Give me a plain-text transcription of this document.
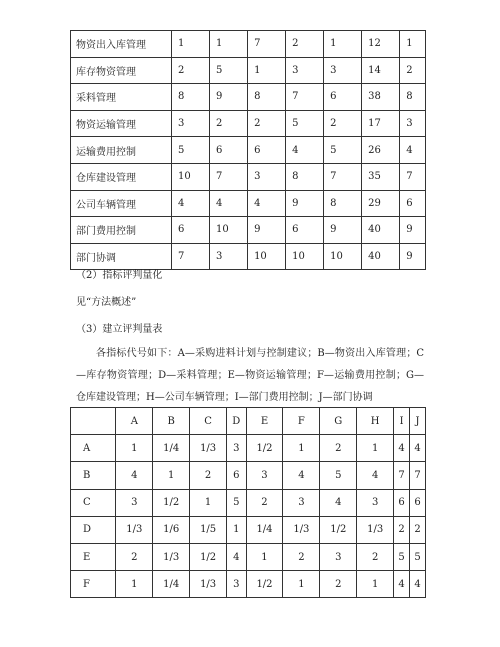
物资出入库管理	1	1	7	2	1	12	1
库存物资管理	2	5	1	3	3	14	2
采料管理	8	9	8	7	6	38	8
物资运输管理	3	2	2	5	2	17	3
运输费用控制	5	6	6	4	5	26	4
仓库建设管理	10	7	3	8	7	35	7
公司车辆管理	4	4	4	9	8	29	6
部门费用控制	6	10	9	6	9	40	9
部门协调	7	3	10	10	10	40	9

（2）指标评判量化

见“方法概述”

（3）建立评判量表

各指标代号如下：A—采购进料计划与控制建议；B—物资出入库管理；C—库存物资管理；D—采料管理；E—物资运输管理；F—运输费用控制；G—仓库建设管理；H—公司车辆管理；I—部门费用控制；J—部门协调

	A	B	C	D	E	F	G	H	I	J
A	1	1/4	1/3	3	1/2	1	2	1	4	4
B	4	1	2	6	3	4	5	4	7	7
C	3	1/2	1	5	2	3	4	3	6	6
D	1/3	1/6	1/5	1	1/4	1/3	1/2	1/3	2	2
E	2	1/3	1/2	4	1	2	3	2	5	5
F	1	1/4	1/3	3	1/2	1	2	1	4	4
